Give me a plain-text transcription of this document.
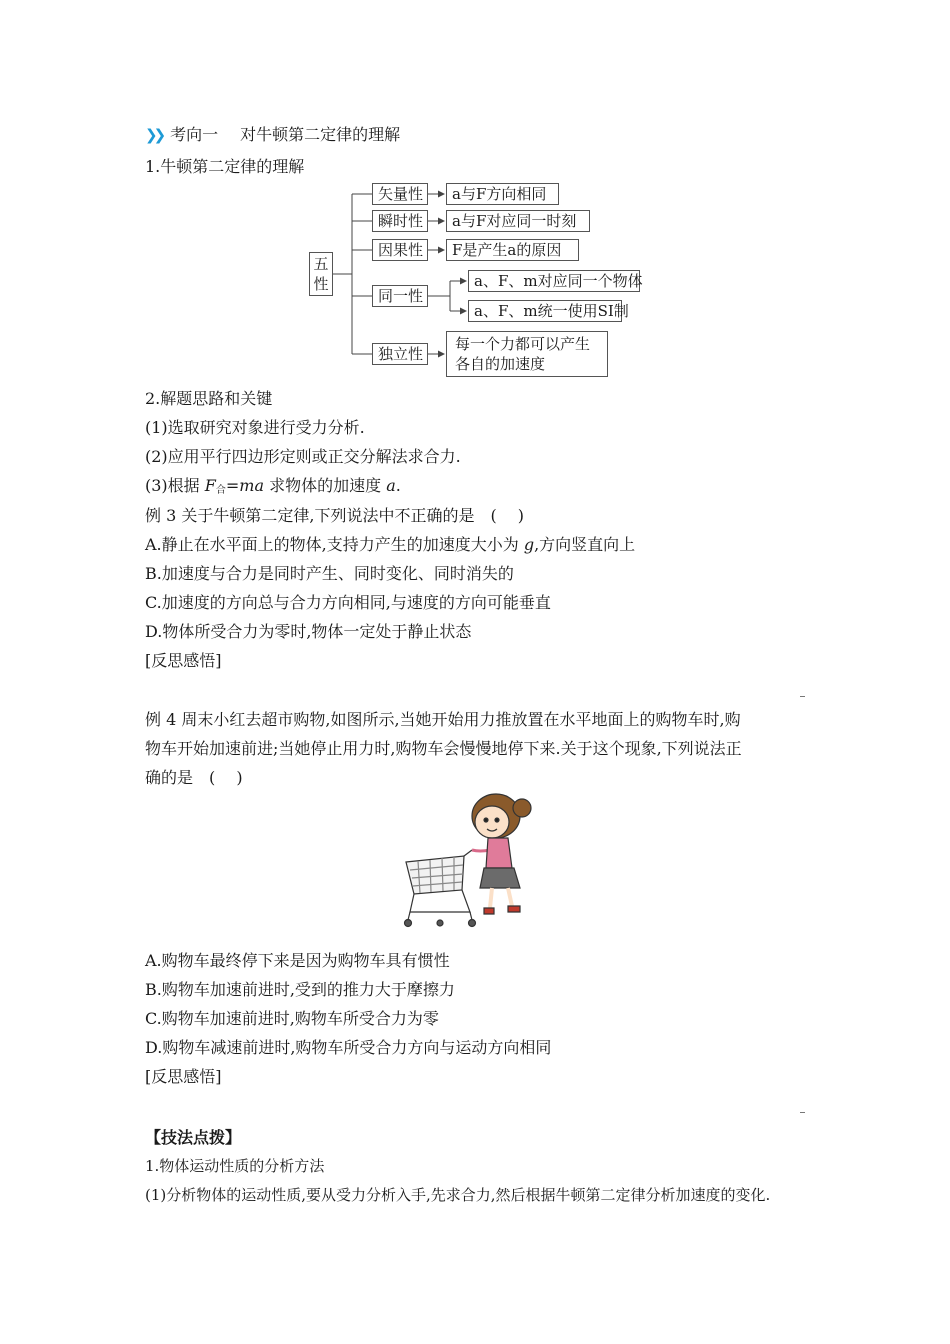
❯❯ 考向一 对牛顿第二定律的理解
1.牛顿第二定律的理解
五性
矢量性	a与F方向相同
瞬时性	a与F对应同一时刻
因果性	F是产生a的原因
同一性
a、F、m对应同一个物体
a、F、m统一使用SI制
独立性
每一个力都可以产生
各自的加速度
2.解题思路和关键
(1)选取研究对象进行受力分析.
(2)应用平行四边形定则或正交分解法求合力.
(3)根据 $F_合=ma$ 求物体的加速度 a.
例 3 关于牛顿第二定律,下列说法中不正确的是　(　 )
A.静止在水平面上的物体,支持力产生的加速度大小为 g,方向竖直向上
B.加速度与合力是同时产生、同时变化、同时消失的
C.加速度的方向总与合力方向相同,与速度的方向可能垂直
D.物体所受合力为零时,物体一定处于静止状态
[反思感悟]
例 4 周末小红去超市购物,如图所示,当她开始用力推放置在水平地面上的购物车时,购
物车开始加速前进;当她停止用力时,购物车会慢慢地停下来.关于这个现象,下列说法正
确的是　(　 )
A.购物车最终停下来是因为购物车具有惯性
B.购物车加速前进时,受到的推力大于摩擦力
C.购物车加速前进时,购物车所受合力为零
D.购物车减速前进时,购物车所受合力方向与运动方向相同
[反思感悟]
【技法点拨】
1.物体运动性质的分析方法
(1)分析物体的运动性质,要从受力分析入手,先求合力,然后根据牛顿第二定律分析加速度的变化.
